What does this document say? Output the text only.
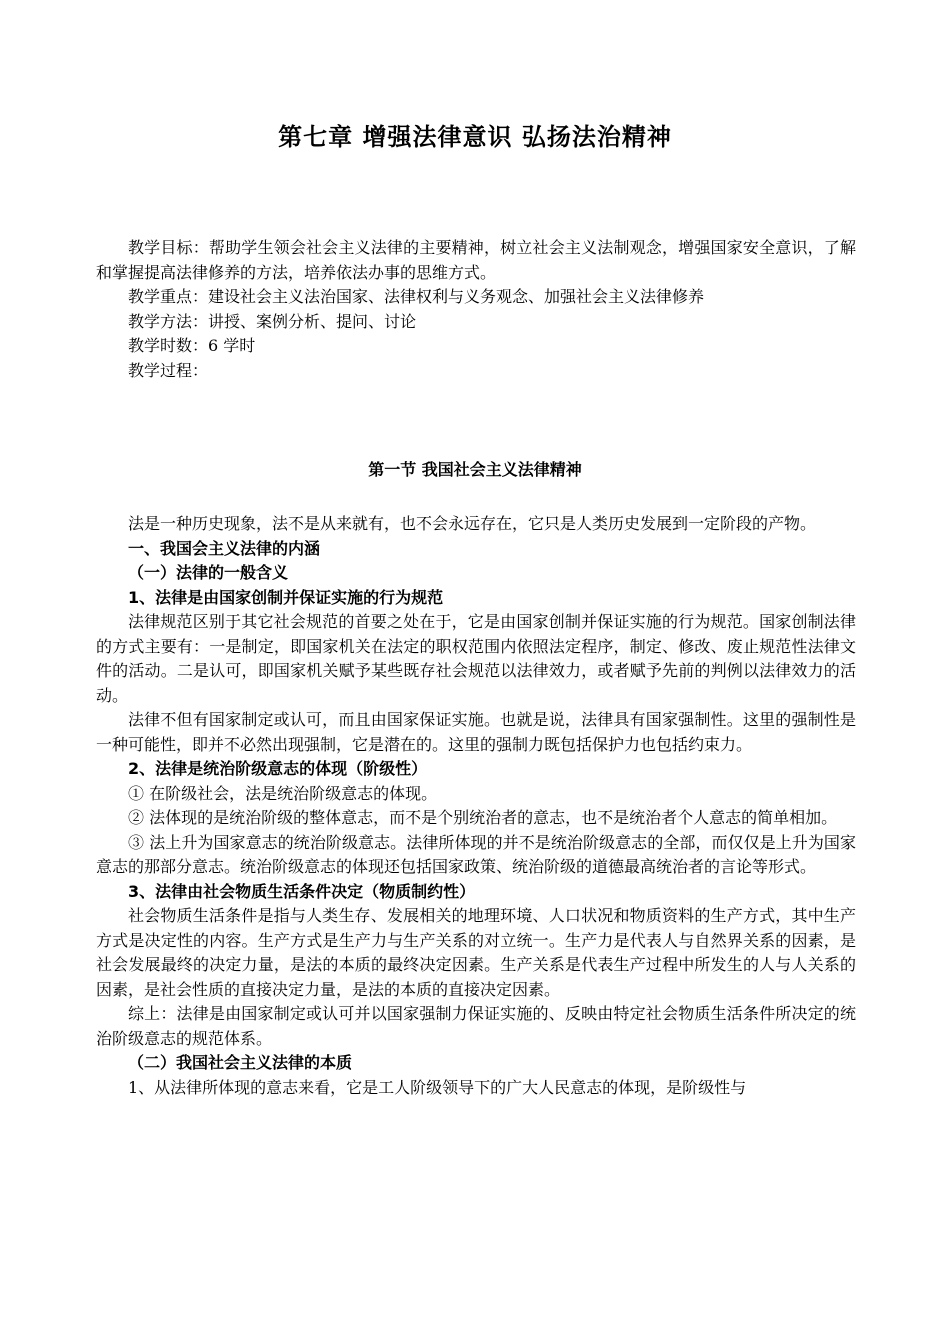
第七章 增强法律意识 弘扬法治精神

教学目标：帮助学生领会社会主义法律的主要精神，树立社会主义法制观念，增强国家安全意识，了解和掌握提高法律修养的方法，培养依法办事的思维方式。

教学重点：建设社会主义法治国家、法律权利与义务观念、加强社会主义法律修养

教学方法：讲授、案例分析、提问、讨论

教学时数：6 学时

教学过程：

第一节 我国社会主义法律精神

法是一种历史现象，法不是从来就有，也不会永远存在，它只是人类历史发展到一定阶段的产物。

一、我国会主义法律的内涵

（一）法律的一般含义

1、法律是由国家创制并保证实施的行为规范

法律规范区别于其它社会规范的首要之处在于，它是由国家创制并保证实施的行为规范。国家创制法律的方式主要有：一是制定，即国家机关在法定的职权范围内依照法定程序，制定、修改、废止规范性法律文件的活动。二是认可，即国家机关赋予某些既存社会规范以法律效力，或者赋予先前的判例以法律效力的活动。

法律不但有国家制定或认可，而且由国家保证实施。也就是说，法律具有国家强制性。这里的强制性是一种可能性，即并不必然出现强制，它是潜在的。这里的强制力既包括保护力也包括约束力。

2、法律是统治阶级意志的体现（阶级性）

① 在阶级社会，法是统治阶级意志的体现。

② 法体现的是统治阶级的整体意志，而不是个别统治者的意志，也不是统治者个人意志的简单相加。

③ 法上升为国家意志的统治阶级意志。法律所体现的并不是统治阶级意志的全部，而仅仅是上升为国家意志的那部分意志。统治阶级意志的体现还包括国家政策、统治阶级的道德最高统治者的言论等形式。

3、法律由社会物质生活条件决定（物质制约性）

社会物质生活条件是指与人类生存、发展相关的地理环境、人口状况和物质资料的生产方式，其中生产方式是决定性的内容。生产方式是生产力与生产关系的对立统一。生产力是代表人与自然界关系的因素，是社会发展最终的决定力量，是法的本质的最终决定因素。生产关系是代表生产过程中所发生的人与人关系的因素，是社会性质的直接决定力量，是法的本质的直接决定因素。

综上：法律是由国家制定或认可并以国家强制力保证实施的、反映由特定社会物质生活条件所决定的统治阶级意志的规范体系。

（二）我国社会主义法律的本质

1、从法律所体现的意志来看，它是工人阶级领导下的广大人民意志的体现，是阶级性与
